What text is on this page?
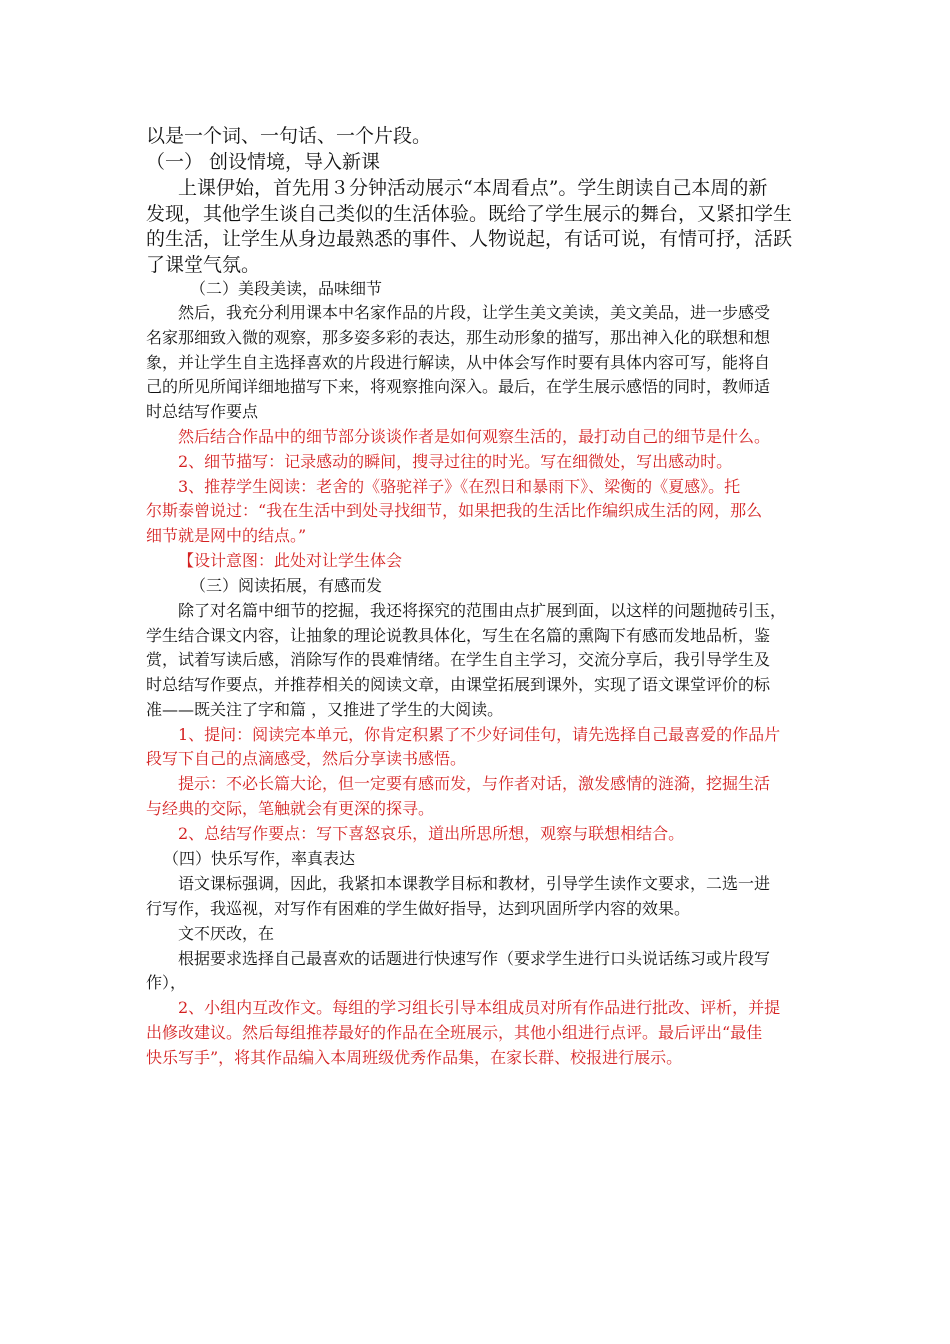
以是一个词、一句话、一个片段。
（一） 创设情境，导入新课
上课伊始，首先用３分钟活动展示“本周看点”。学生朗读自己本周的新
发现，其他学生谈自己类似的生活体验。既给了学生展示的舞台，又紧扣学生
的生活，让学生从身边最熟悉的事件、人物说起，有话可说，有情可抒，活跃
了课堂气氛。
（二）美段美读，品味细节
然后，我充分利用课本中名家作品的片段，让学生美文美读，美文美品，进一步感受
名家那细致入微的观察，那多姿多彩的表达，那生动形象的描写，那出神入化的联想和想
象，并让学生自主选择喜欢的片段进行解读，从中体会写作时要有具体内容可写，能将自
己的所见所闻详细地描写下来，将观察推向深入。最后，在学生展示感悟的同时，教师适
时总结写作要点
然后结合作品中的细节部分谈谈作者是如何观察生活的，最打动自己的细节是什么。
2、细节描写：记录感动的瞬间，搜寻过往的时光。写在细微处，写出感动时。
3、推荐学生阅读：老舍的《骆驼祥子》《在烈日和暴雨下》、梁衡的《夏感》。托
尔斯泰曾说过：“我在生活中到处寻找细节，如果把我的生活比作编织成生活的网，那么
细节就是网中的结点。”
【设计意图：此处对让学生体会
（三）阅读拓展，有感而发
除了对名篇中细节的挖掘，我还将探究的范围由点扩展到面，以这样的问题抛砖引玉，
学生结合课文内容，让抽象的理论说教具体化，写生在名篇的熏陶下有感而发地品析，鉴
赏，试着写读后感，消除写作的畏难情绪。在学生自主学习，交流分享后，我引导学生及
时总结写作要点，并推荐相关的阅读文章，由课堂拓展到课外，实现了语文课堂评价的标
准——既关注了字和篇 ，又推进了学生的大阅读。
1、提问：阅读完本单元，你肯定积累了不少好词佳句，请先选择自己最喜爱的作品片
段写下自己的点滴感受，然后分享读书感悟。
提示：不必长篇大论，但一定要有感而发，与作者对话，激发感情的涟漪，挖掘生活
与经典的交际，笔触就会有更深的探寻。
2、总结写作要点：写下喜怒哀乐，道出所思所想，观察与联想相结合。
（四）快乐写作，率真表达
语文课标强调，因此，我紧扣本课教学目标和教材，引导学生读作文要求，二选一进
行写作，我巡视，对写作有困难的学生做好指导，达到巩固所学内容的效果。
文不厌改，在
根据要求选择自己最喜欢的话题进行快速写作（要求学生进行口头说话练习或片段写
作），
2、小组内互改作文。每组的学习组长引导本组成员对所有作品进行批改、评析，并提
出修改建议。然后每组推荐最好的作品在全班展示，其他小组进行点评。最后评出“最佳
快乐写手”，将其作品编入本周班级优秀作品集，在家长群、校报进行展示。
